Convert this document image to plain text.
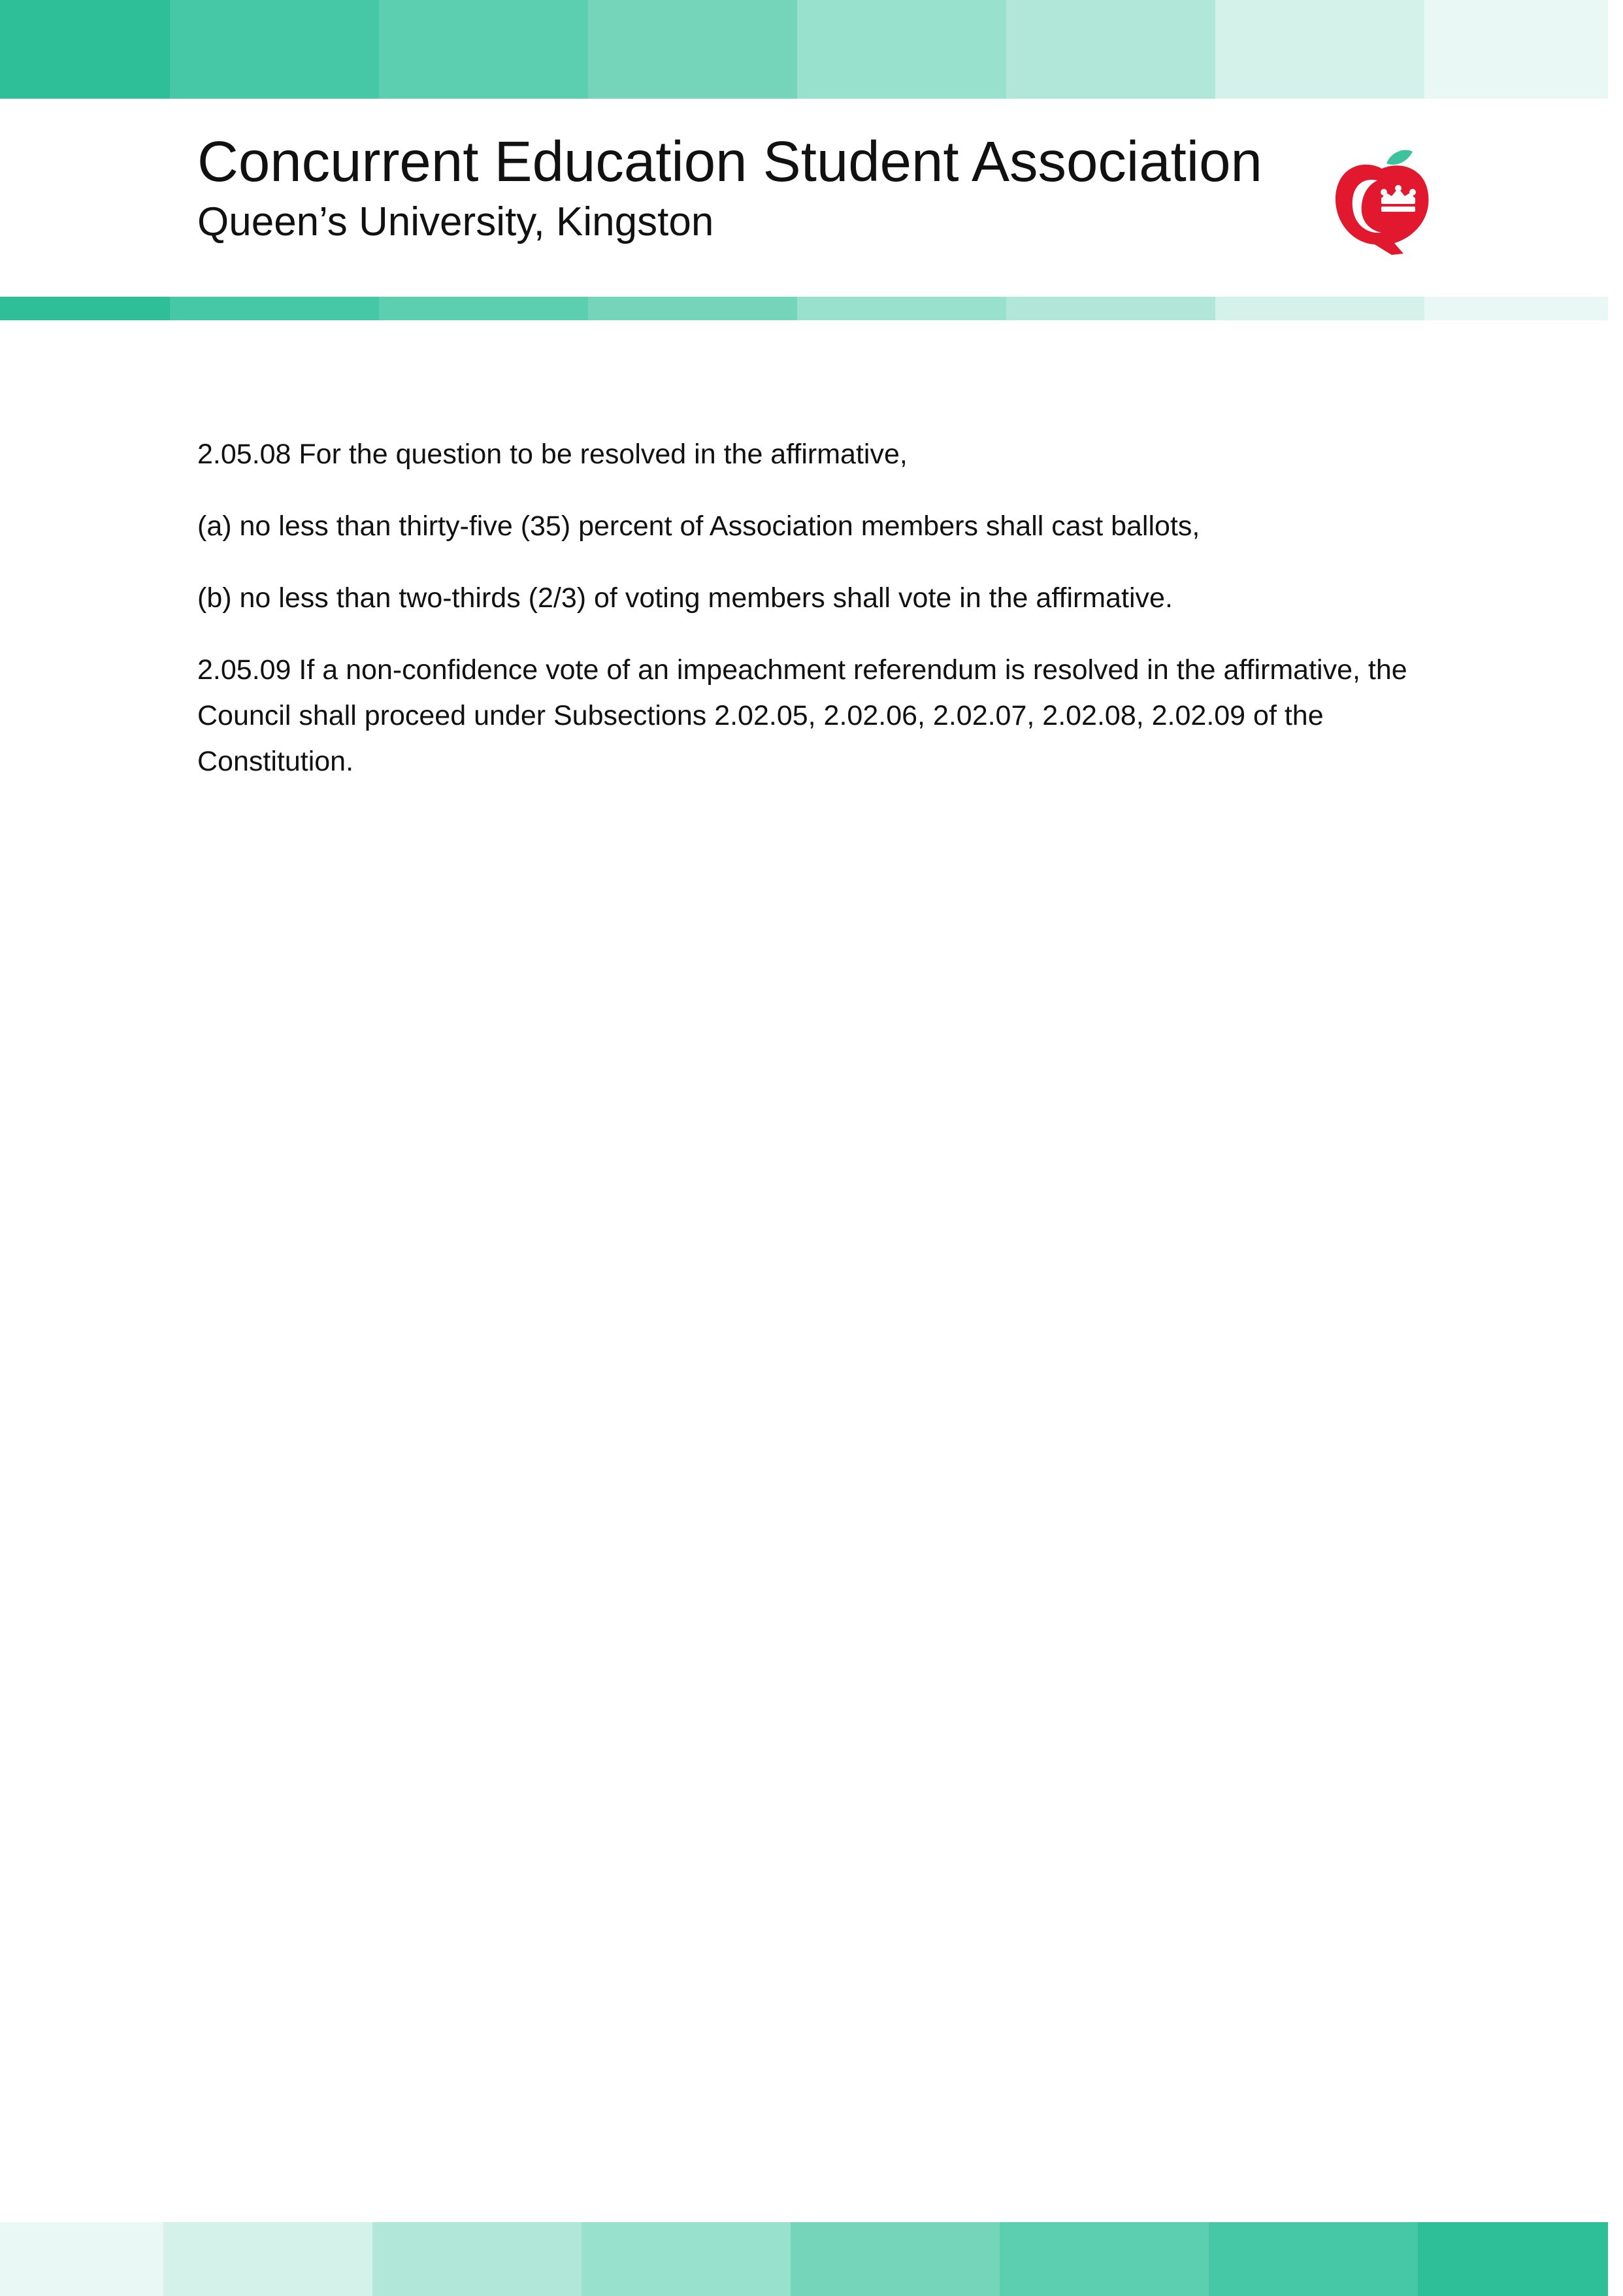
Concurrent Education Student Association
Queen’s University, Kingston

2.05.08 For the question to be resolved in the affirmative,

(a) no less than thirty-five (35) percent of Association members shall cast ballots,

(b) no less than two-thirds (2/3) of voting members shall vote in the affirmative.

2.05.09 If a non-confidence vote of an impeachment referendum is resolved in the affirmative, the Council shall proceed under Subsections 2.02.05, 2.02.06, 2.02.07, 2.02.08, 2.02.09 of the Constitution.
